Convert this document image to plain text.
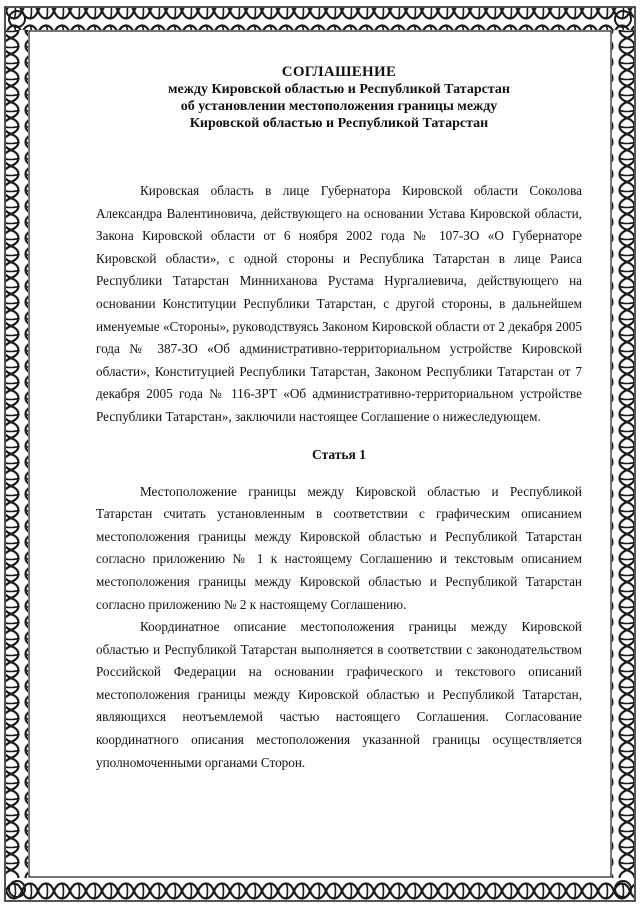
СОГЛАШЕНИЕ
между Кировской областью и Республикой Татарстан
об установлении местоположения границы между
Кировской областью и Республикой Татарстан

Кировская область в лице Губернатора Кировской области Соколова Александра Валентиновича, действующего на основании Устава Кировской области, Закона Кировской области от 6 ноября 2002 года № 107-ЗО «О Губернаторе Кировской области», с одной стороны и Республика Татарстан в лице Раиса Республики Татарстан Минниханова Рустама Нургалиевича, действующего на основании Конституции Республики Татарстан, с другой стороны, в дальнейшем именуемые «Стороны», руководствуясь Законом Кировской области от 2 декабря 2005 года № 387-ЗО «Об административно-территориальном устройстве Кировской области», Конституцией Республики Татарстан, Законом Республики Татарстан от 7 декабря 2005 года № 116-ЗРТ «Об административно-территориальном устройстве Республики Татарстан», заключили настоящее Соглашение о нижеследующем.

Статья 1

Местоположение границы между Кировской областью и Республикой Татарстан считать установленным в соответствии с графическим описанием местоположения границы между Кировской областью и Республикой Татарстан согласно приложению № 1 к настоящему Соглашению и текстовым описанием местоположения границы между Кировской областью и Республикой Татарстан согласно приложению № 2 к настоящему Соглашению.

Координатное описание местоположения границы между Кировской областью и Республикой Татарстан выполняется в соответствии с законодательством Российской Федерации на основании графического и текстового описаний местоположения границы между Кировской областью и Республикой Татарстан, являющихся неотъемлемой частью настоящего Соглашения. Согласование координатного описания местоположения указанной границы осуществляется уполномоченными органами Сторон.
